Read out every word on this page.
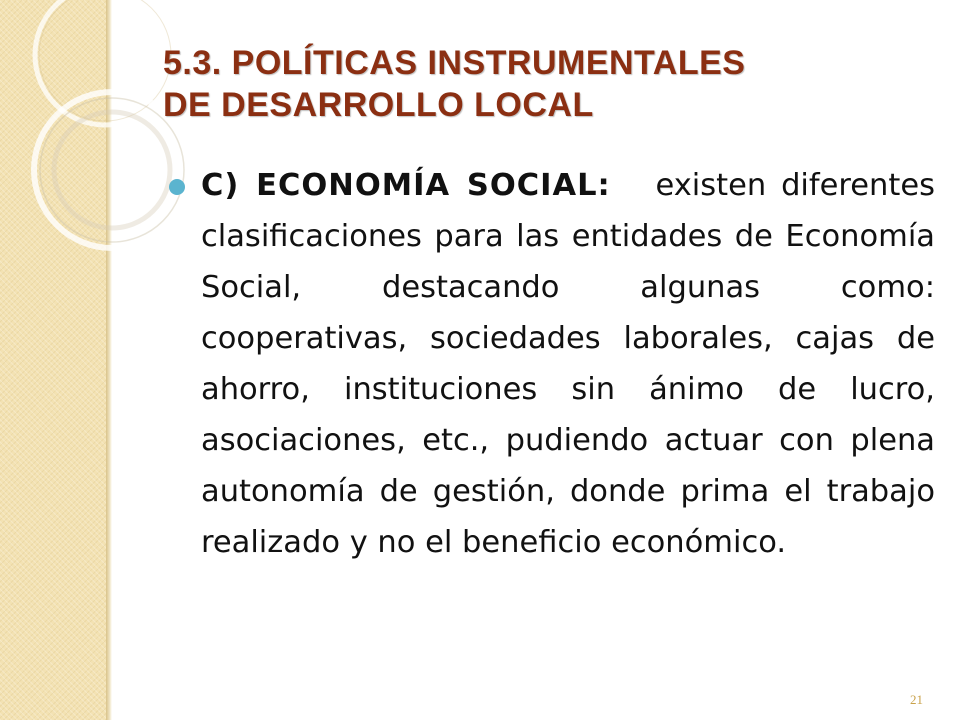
5.3. POLÍTICAS INSTRUMENTALES
DE DESARROLLO LOCAL
C) ECONOMÍA SOCIAL: existen diferentes clasificaciones para las entidades de Economía Social, destacando algunas como: cooperativas, sociedades laborales, cajas de ahorro, instituciones sin ánimo de lucro, asociaciones, etc., pudiendo actuar con plena autonomía de gestión, donde prima el trabajo realizado y no el beneficio económico.
21
